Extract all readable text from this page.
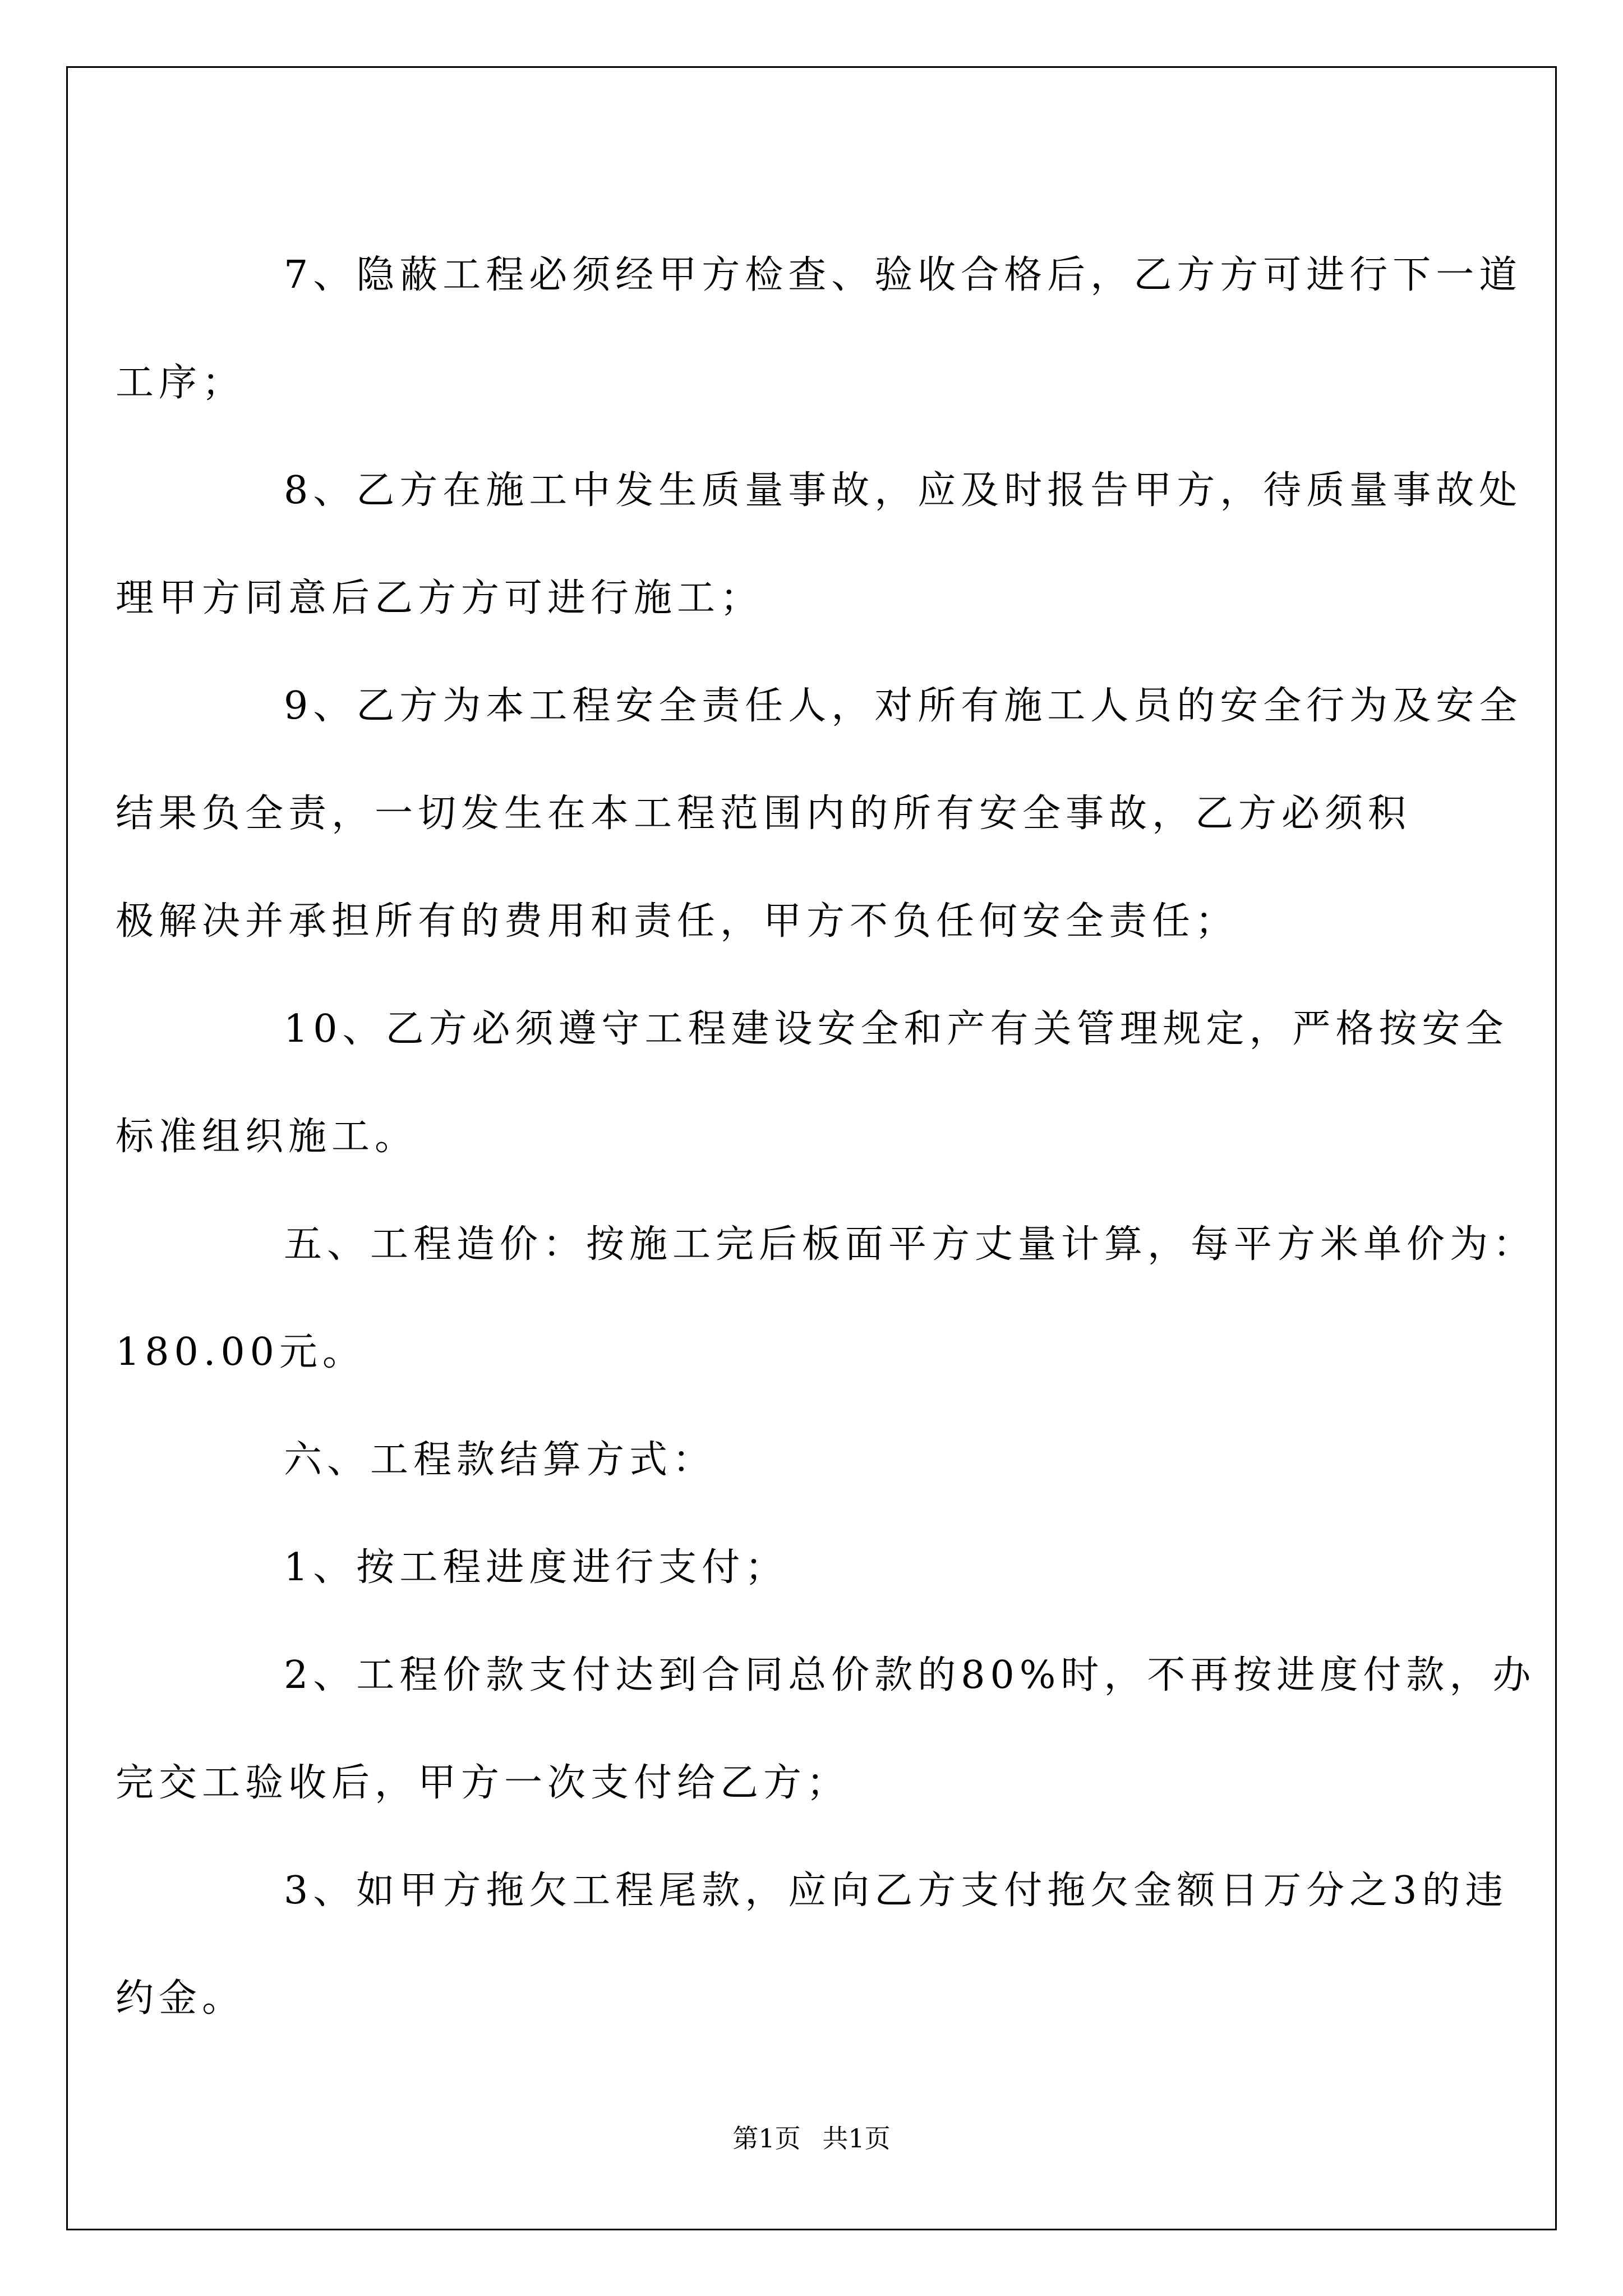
7、隐蔽工程必须经甲方检查、验收合格后，乙方方可进行下一道
工序；

8、乙方在施工中发生质量事故，应及时报告甲方，待质量事故处
理甲方同意后乙方方可进行施工；

9、乙方为本工程安全责任人，对所有施工人员的安全行为及安全
结果负全责，一切发生在本工程范围内的所有安全事故，乙方必须积
极解决并承担所有的费用和责任，甲方不负任何安全责任；

10、乙方必须遵守工程建设安全和产有关管理规定，严格按安全
标准组织施工。

五、工程造价：按施工完后板面平方丈量计算，每平方米单价为：
180.00元。

六、工程款结算方式：

1、按工程进度进行支付；

2、工程价款支付达到合同总价款的80%时，不再按进度付款，办
完交工验收后，甲方一次支付给乙方；

3、如甲方拖欠工程尾款，应向乙方支付拖欠金额日万分之3的违
约金。

第1页 共1页
